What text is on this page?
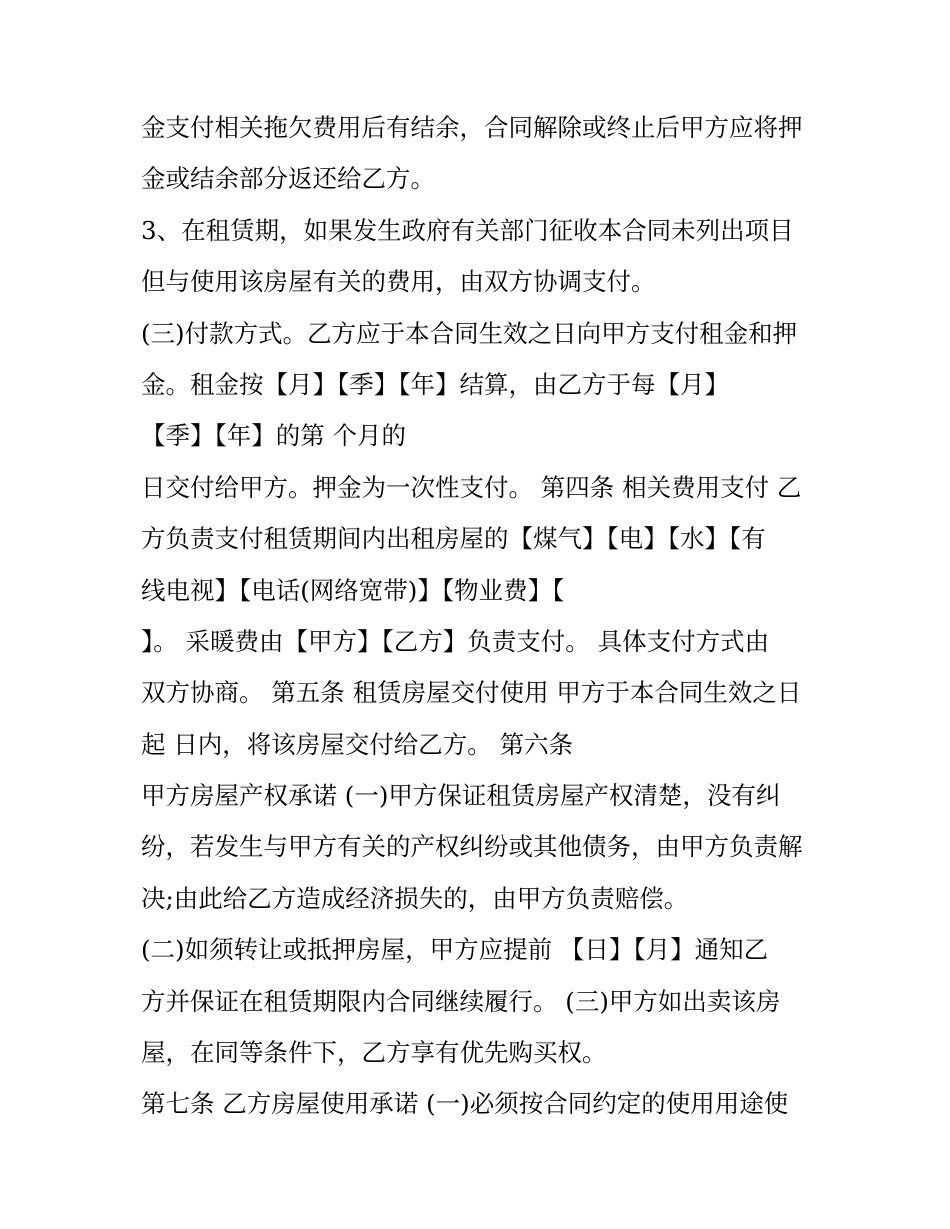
金支付相关拖欠费用后有结余，合同解除或终止后甲方应将押
金或结余部分返还给乙方。
3、在租赁期，如果发生政府有关部门征收本合同未列出项目
但与使用该房屋有关的费用，由双方协调支付。
(三)付款方式。乙方应于本合同生效之日向甲方支付租金和押
金。租金按【月】【季】【年】结算，由乙方于每【月】
【季】【年】的第 个月的
日交付给甲方。押金为一次性支付。 第四条 相关费用支付 乙
方负责支付租赁期间内出租房屋的【煤气】【电】【水】【有
线电视】【电话(网络宽带)】【物业费】【
】。 采暖费由【甲方】【乙方】负责支付。 具体支付方式由
双方协商。 第五条 租赁房屋交付使用 甲方于本合同生效之日
起 日内，将该房屋交付给乙方。 第六条
甲方房屋产权承诺 (一)甲方保证租赁房屋产权清楚，没有纠
纷，若发生与甲方有关的产权纠纷或其他债务，由甲方负责解
决;由此给乙方造成经济损失的，由甲方负责赔偿。
(二)如须转让或抵押房屋，甲方应提前 【日】【月】通知乙
方并保证在租赁期限内合同继续履行。 (三)甲方如出卖该房
屋，在同等条件下，乙方享有优先购买权。
第七条 乙方房屋使用承诺 (一)必须按合同约定的使用用途使
